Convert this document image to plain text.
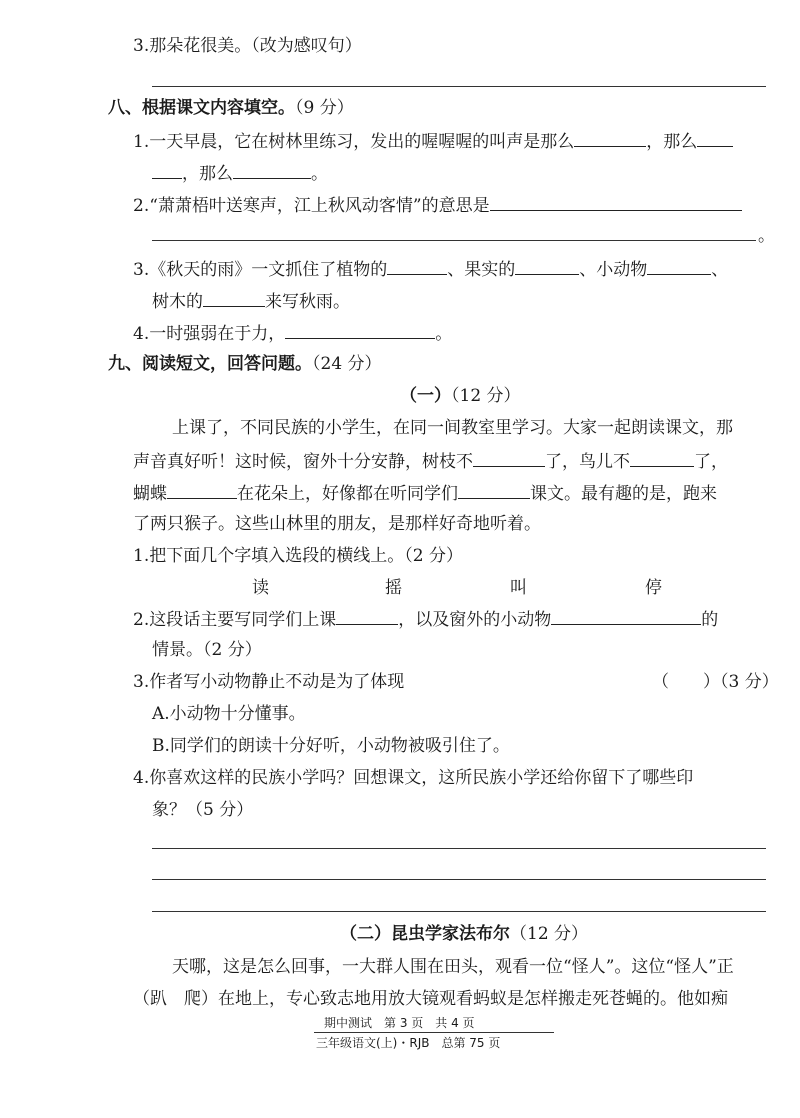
3.那朵花很美。（改为感叹句）
八、根据课文内容填空。（9 分）
1.一天早晨，它在树林里练习，发出的喔喔喔的叫声是那么	，那么
，那么	。
2.“萧萧梧叶送寒声，江上秋风动客情”的意思是
。
3.《秋天的雨》一文抓住了植物的	、果实的	、小动物	、
树木的	来写秋雨。
4.一时强弱在于力，	。
九、阅读短文，回答问题。（24 分）
（一）（12 分）
上课了，不同民族的小学生，在同一间教室里学习。大家一起朗读课文，那
声音真好听！这时候，窗外十分安静，树枝不	了，鸟儿不	了，
蝴蝶	在花朵上，好像都在听同学们	课文。最有趣的是，跑来
了两只猴子。这些山林里的朋友，是那样好奇地听着。
1.把下面几个字填入选段的横线上。（2 分）
读	摇	叫	停
2.这段话主要写同学们上课	，以及窗外的小动物	的
情景。（2 分）
3.作者写小动物静止不动是为了体现	（　　）（3 分）
A.小动物十分懂事。
B.同学们的朗读十分好听，小动物被吸引住了。
4.你喜欢这样的民族小学吗？回想课文，这所民族小学还给你留下了哪些印
象？（5 分）
（二）昆虫学家法布尔（12 分）
天哪，这是怎么回事，一大群人围在田头，观看一位“怪人”。这位“怪人”正
（趴　爬）在地上，专心致志地用放大镜观看蚂蚁是怎样搬走死苍蝇的。他如痴
期中测试　第 3 页　共 4 页
三年级语文(上)・RJB　总第 75 页
